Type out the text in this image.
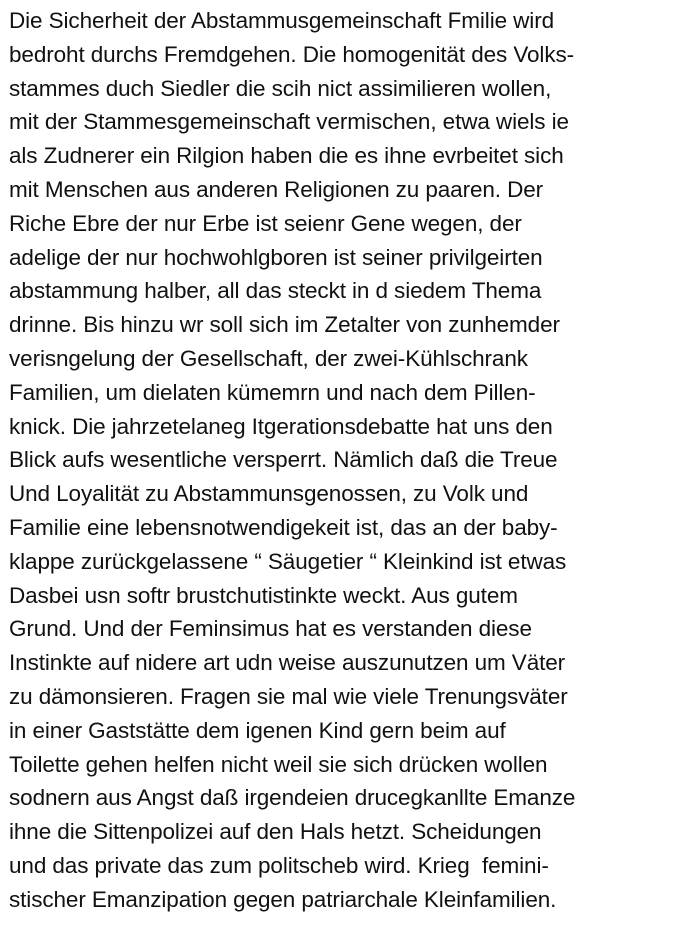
Die Sicherheit der Abstammusgemeinschaft Fmilie wird
bedroht durchs Fremdgehen. Die homogenität des Volks-
stammes duch Siedler die scih nict assimilieren wollen,
mit der Stammesgemeinschaft vermischen, etwa wiels ie
als Zudnerer ein Rilgion haben die es ihne evrbeitet sich
mit Menschen aus anderen Religionen zu paaren. Der
Riche Ebre der nur Erbe ist seienr Gene wegen, der
adelige der nur hochwohlgboren ist seiner privilgeirten
abstammung halber, all das steckt in d siedem Thema
drinne. Bis hinzu wr soll sich im Zetalter von zunhemder
verisngelung der Gesellschaft, der zwei-Kühlschrank
Familien, um dielaten kümemrn und nach dem Pillen-
knick. Die jahrzetelaneg Itgerationsdebatte hat uns den
Blick aufs wesentliche versperrt. Nämlich daß die Treue
Und Loyalität zu Abstammunsgenossen, zu Volk und
Familie eine lebensnotwendigekeit ist, das an der baby-
klappe zurückgelassene “ Säugetier “ Kleinkind ist etwas
Dasbei usn softr brustchutistinkte weckt. Aus gutem
Grund. Und der Feminsimus hat es verstanden diese
Instinkte auf nidere art udn weise auszunutzen um Väter
zu dämonsieren. Fragen sie mal wie viele Trenungsväter
in einer Gaststätte dem igenen Kind gern beim auf
Toilette gehen helfen nicht weil sie sich drücken wollen
sodnern aus Angst daß irgendeien drucegkanllte Emanze
ihne die Sittenpolizei auf den Hals hetzt. Scheidungen
und das private das zum politscheb wird. Krieg  femini-
stischer Emanzipation gegen patriarchale Kleinfamilien.
